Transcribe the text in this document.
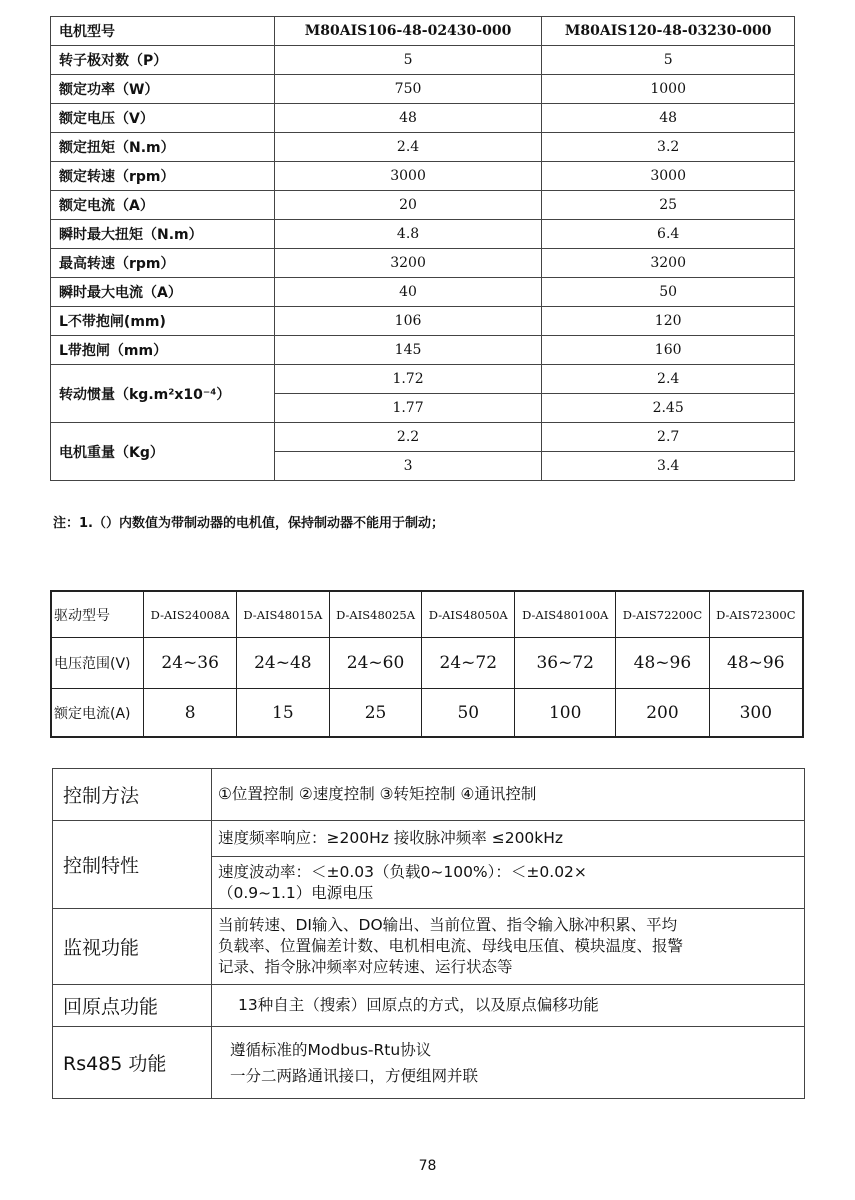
电机型号	M80AIS106-48-02430-000	M80AIS120-48-03230-000
转子极对数（P）	5	5
额定功率（W）	750	1000
额定电压（V）	48	48
额定扭矩（N.m）	2.4	3.2
额定转速（rpm）	3000	3000
额定电流（A）	20	25
瞬时最大扭矩（N.m）	4.8	6.4
最高转速（rpm）	3200	3200
瞬时最大电流（A）	40	50
L不带抱闸(mm)	106	120
L带抱闸（mm）	145	160
转动惯量（kg.m²x10⁻⁴）	1.72	2.4
	1.77	2.45
电机重量（Kg）	2.2	2.7
	3	3.4

注：1.（）内数值为带制动器的电机值，保持制动器不能用于制动；

驱动型号	D-AIS24008A	D-AIS48015A	D-AIS48025A	D-AIS48050A	D-AIS480100A	D-AIS72200C	D-AIS72300C
电压范围(V)	24~36	24~48	24~60	24~72	36~72	48~96	48~96
额定电流(A)	8	15	25	50	100	200	300
控制方法	①位置控制 ②速度控制 ③转矩控制 ④通讯控制
控制特性	速度频率响应：≥200Hz 接收脉冲频率 ≤200kHz

	速度波动率：＜±0.03（负载0~100%）：＜±0.02×
（0.9~1.1）电源电压

监视功能	当前转速、DI输入、DO输出、当前位置、指令输入脉冲积累、平均
负载率、位置偏差计数、电机相电流、母线电压值、模块温度、报警
记录、指令脉冲频率对应转速、运行状态等

回原点功能	13种自主（搜索）回原点的方式，以及原点偏移功能
Rs485 功能	遵循标准的Modbus-Rtu协议
一分二两路通讯接口，方便组网并联

78
